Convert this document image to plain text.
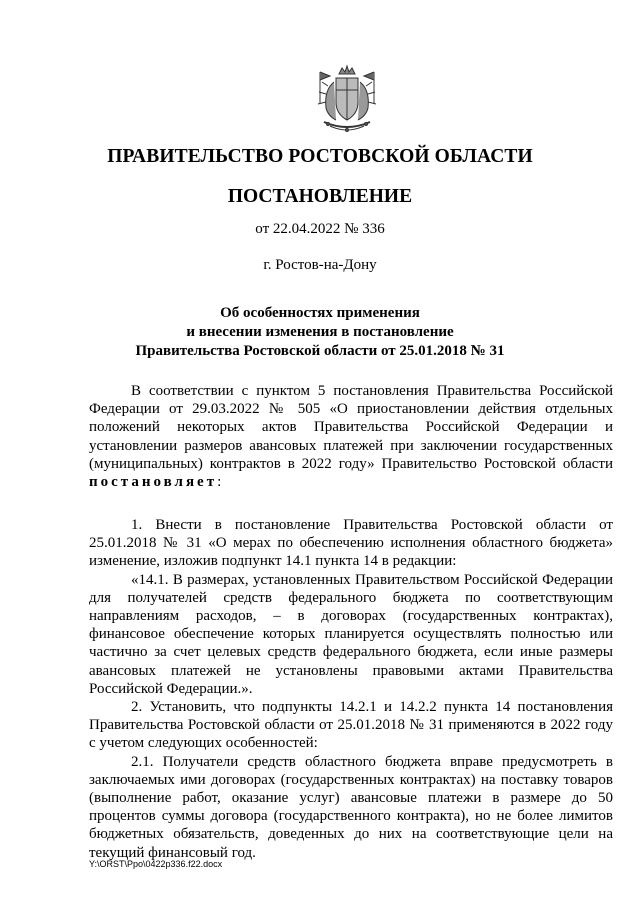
ПРАВИТЕЛЬСТВО РОСТОВСКОЙ ОБЛАСТИ
ПОСТАНОВЛЕНИЕ
от 22.04.2022 № 336
г. Ростов-на-Дону
Об особенностях применения
и внесении изменения в постановление
Правительства Ростовской области от 25.01.2018 № 31

В соответствии с пунктом 5 постановления Правительства Российской Федерации от 29.03.2022 № 505 «О приостановлении действия отдельных положений некоторых актов Правительства Российской Федерации и установлении размеров авансовых платежей при заключении государственных (муниципальных) контрактов в 2022 году» Правительство Ростовской области постановляет:

1. Внести в постановление Правительства Ростовской области от 25.01.2018 № 31 «О мерах по обеспечению исполнения областного бюджета» изменение, изложив подпункт 14.1 пункта 14 в редакции:

«14.1. В размерах, установленных Правительством Российской Федерации для получателей средств федерального бюджета по соответствующим направлениям расходов, – в договорах (государственных контрактах), финансовое обеспечение которых планируется осуществлять полностью или частично за счет целевых средств федерального бюджета, если иные размеры авансовых платежей не установлены правовыми актами Правительства Российской Федерации.».

2. Установить, что подпункты 14.2.1 и 14.2.2 пункта 14 постановления Правительства Ростовской области от 25.01.2018 № 31 применяются в 2022 году с учетом следующих особенностей:

2.1. Получатели средств областного бюджета вправе предусмотреть в заключаемых ими договорах (государственных контрактах) на поставку товаров (выполнение работ, оказание услуг) авансовые платежи в размере до 50 процентов суммы договора (государственного контракта), но не более лимитов бюджетных обязательств, доведенных до них на соответствующие цели на текущий финансовый год.

Y:\ORST\Ppo\0422p336.f22.docx
